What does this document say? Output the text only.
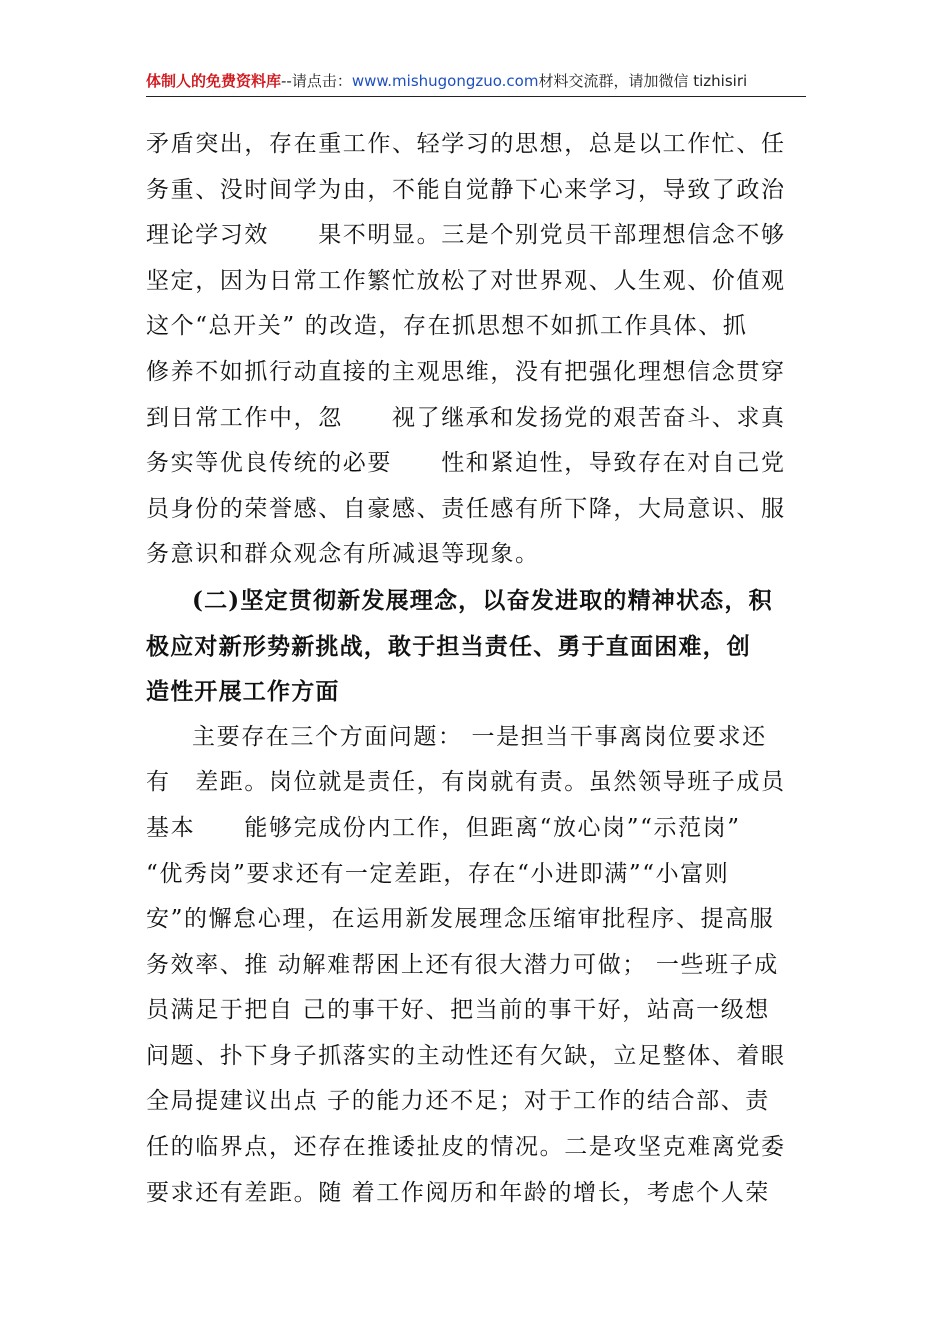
体制人的免费资料库--请点击：www.mishugongzuo.com材料交流群，请加微信 tizhisiri
矛盾突出，存在重工作、轻学习的思想，总是以工作忙、任
务重、没时间学为由，不能自觉静下心来学习，导致了政治
理论学习效　　果不明显。三是个别党员干部理想信念不够
坚定，因为日常工作繁忙放松了对世界观、人生观、价值观
这个“总开关” 的改造，存在抓思想不如抓工作具体、抓
修养不如抓行动直接的主观思维，没有把强化理想信念贯穿
到日常工作中，忽　　视了继承和发扬党的艰苦奋斗、求真
务实等优良传统的必要　　性和紧迫性，导致存在对自己党
员身份的荣誉感、自豪感、责任感有所下降，大局意识、服
务意识和群众观念有所减退等现象。
(二)坚定贯彻新发展理念，以奋发进取的精神状态，积
极应对新形势新挑战，敢于担当责任、勇于直面困难，创
造性开展工作方面
主要存在三个方面问题： 一是担当干事离岗位要求还
有　差距。岗位就是责任，有岗就有责。虽然领导班子成员
基本　　能够完成份内工作，但距离“放心岗”“示范岗”
“优秀岗”要求还有一定差距，存在“小进即满”“小富则
安”的懈怠心理，在运用新发展理念压缩审批程序、提高服
务效率、推 动解难帮困上还有很大潜力可做； 一些班子成
员满足于把自 己的事干好、把当前的事干好，站高一级想
问题、扑下身子抓落实的主动性还有欠缺，立足整体、着眼
全局提建议出点 子的能力还不足；对于工作的结合部、责
任的临界点，还存在推诿扯皮的情况。二是攻坚克难离党委
要求还有差距。随 着工作阅历和年龄的增长，考虑个人荣
